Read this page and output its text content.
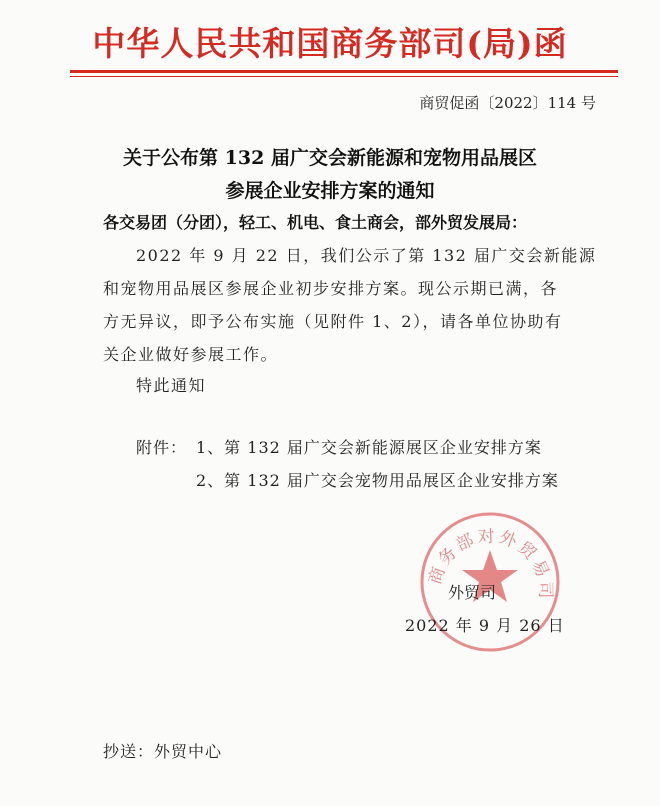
中华人民共和国商务部司(局)函
商贸促函〔2022〕114 号
关于公布第 132 届广交会新能源和宠物用品展区
参展企业安排方案的通知
各交易团（分团），轻工、机电、食土商会，部外贸发展局：
2022 年 9 月 22 日，我们公示了第 132 届广交会新能源
和宠物用品展区参展企业初步安排方案。现公示期已满，各
方无异议，即予公布实施（见附件 1、2），请各单位协助有
关企业做好参展工作。
特此通知
附件： 1、第 132 届广交会新能源展区企业安排方案
2、第 132 届广交会宠物用品展区企业安排方案
商务部对外贸易司
外贸司
2022 年 9 月 26 日
抄送：外贸中心
